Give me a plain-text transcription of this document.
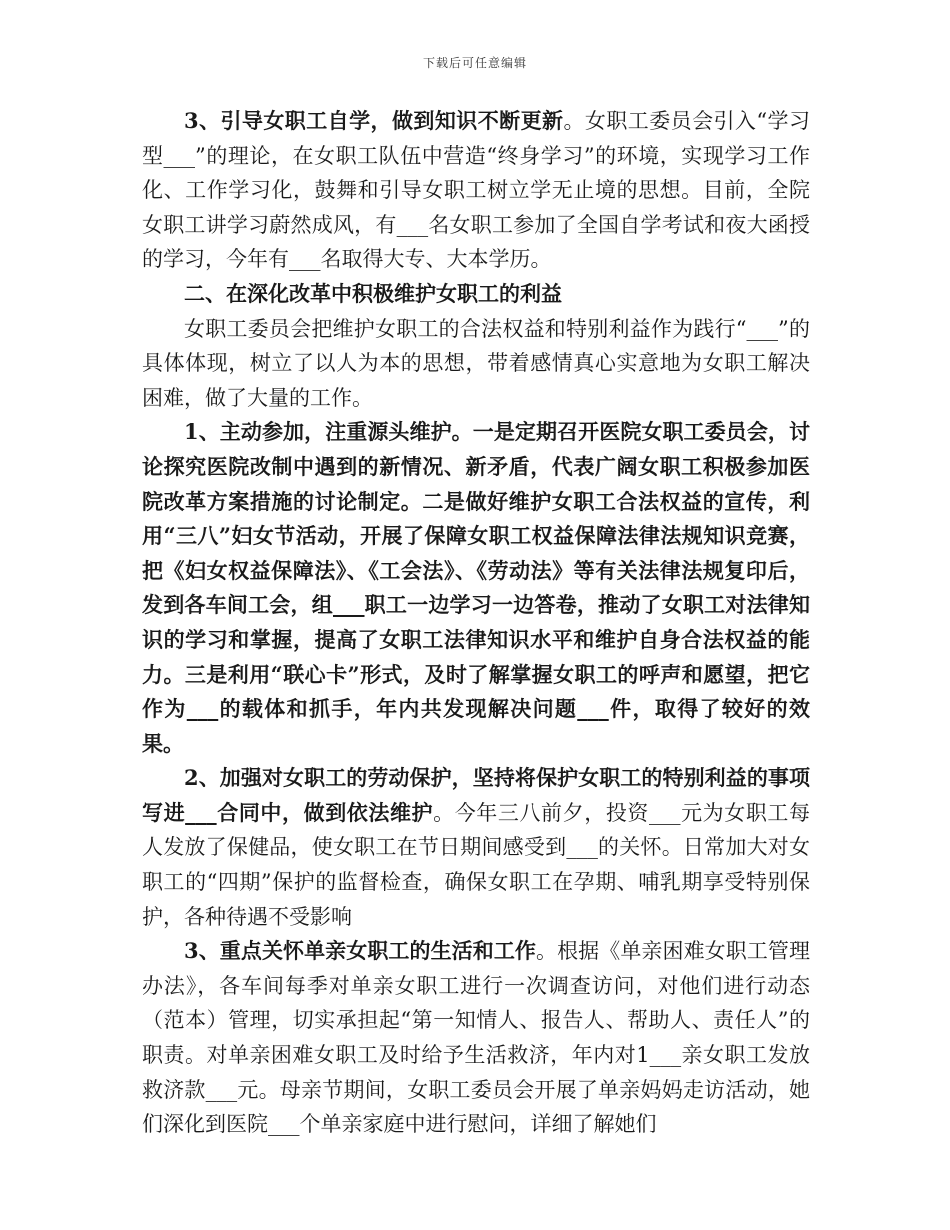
下载后可任意编辑

3、引导女职工自学，做到知识不断更新。女职工委员会引入“学习型___”的理论，在女职工队伍中营造“终身学习”的环境，实现学习工作化、工作学习化，鼓舞和引导女职工树立学无止境的思想。目前，全院女职工讲学习蔚然成风，有___名女职工参加了全国自学考试和夜大函授的学习，今年有___名取得大专、大本学历。

二、在深化改革中积极维护女职工的利益

女职工委员会把维护女职工的合法权益和特别利益作为践行“___”的具体体现，树立了以人为本的思想，带着感情真心实意地为女职工解决困难，做了大量的工作。

1、主动参加，注重源头维护。一是定期召开医院女职工委员会，讨论探究医院改制中遇到的新情况、新矛盾，代表广阔女职工积极参加医院改革方案措施的讨论制定。二是做好维护女职工合法权益的宣传，利用“三八”妇女节活动，开展了保障女职工权益保障法律法规知识竞赛，把《妇女权益保障法》、《工会法》、《劳动法》等有关法律法规复印后，发到各车间工会，组___职工一边学习一边答卷，推动了女职工对法律知识的学习和掌握，提高了女职工法律知识水平和维护自身合法权益的能力。三是利用“联心卡”形式，及时了解掌握女职工的呼声和愿望，把它作为___的载体和抓手，年内共发现解决问题___件，取得了较好的效果。

2、加强对女职工的劳动保护，坚持将保护女职工的特别利益的事项写进___合同中，做到依法维护。今年三八前夕，投资___元为女职工每人发放了保健品，使女职工在节日期间感受到___的关怀。日常加大对女职工的“四期”保护的监督检查，确保女职工在孕期、哺乳期享受特别保护，各种待遇不受影响

3、重点关怀单亲女职工的生活和工作。根据《单亲困难女职工管理办法》，各车间每季对单亲女职工进行一次调查访问，对他们进行动态（范本）管理，切实承担起“第一知情人、报告人、帮助人、责任人”的职责。对单亲困难女职工及时给予生活救济，年内对1___亲女职工发放救济款___元。母亲节期间，女职工委员会开展了单亲妈妈走访活动，她们深化到医院___个单亲家庭中进行慰问，详细了解她们
